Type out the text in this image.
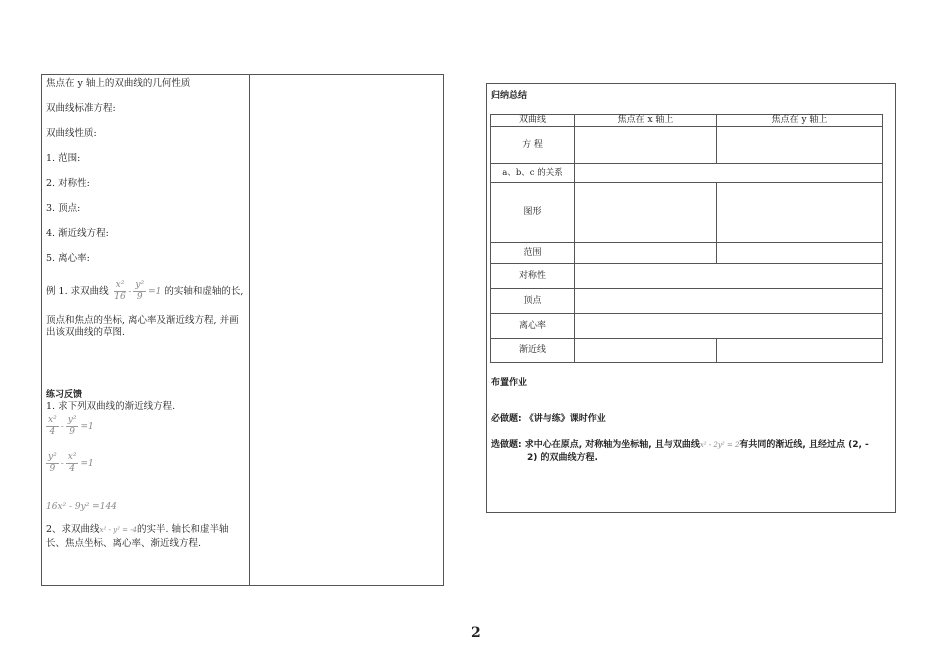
焦点在 y 轴上的双曲线的几何性质
双曲线标准方程:
双曲线性质:
1. 范围:
2. 对称性:
3. 顶点:
4. 渐近线方程:
5. 离心率:
例 1. 求双曲线 $\frac{\text{x²}}{16} - \frac{\text{y²}}{9} =1$ 的实轴和虚轴的长,
顶点和焦点的坐标, 离心率及渐近线方程, 并画
出该双曲线的草图.
练习反馈
1. 求下列双曲线的渐近线方程.
$\frac{\text{x²}}{4} - \frac{\text{y²}}{9} =1$
$\frac{\text{y²}}{9} - \frac{\text{x²}}{4} =1$
16x² - 9y² =144
2、求双曲线x² - y² = -4的实半. 轴长和虚半轴
长、焦点坐标、离心率、渐近线方程.
归纳总结
双曲线	焦点在 x 轴上	焦点在 y 轴上
方 程		
a、b、c 的关系		
图形		
范围		
对称性		
顶点		
离心率		
渐近线		
布置作业
必做题: 《讲与练》课时作业
选做题: 求中心在原点, 对称轴为坐标轴, 且与双曲线x² - 2y² = 2有共同的渐近线, 且经过点 (2, -
2) 的双曲线方程.
2
